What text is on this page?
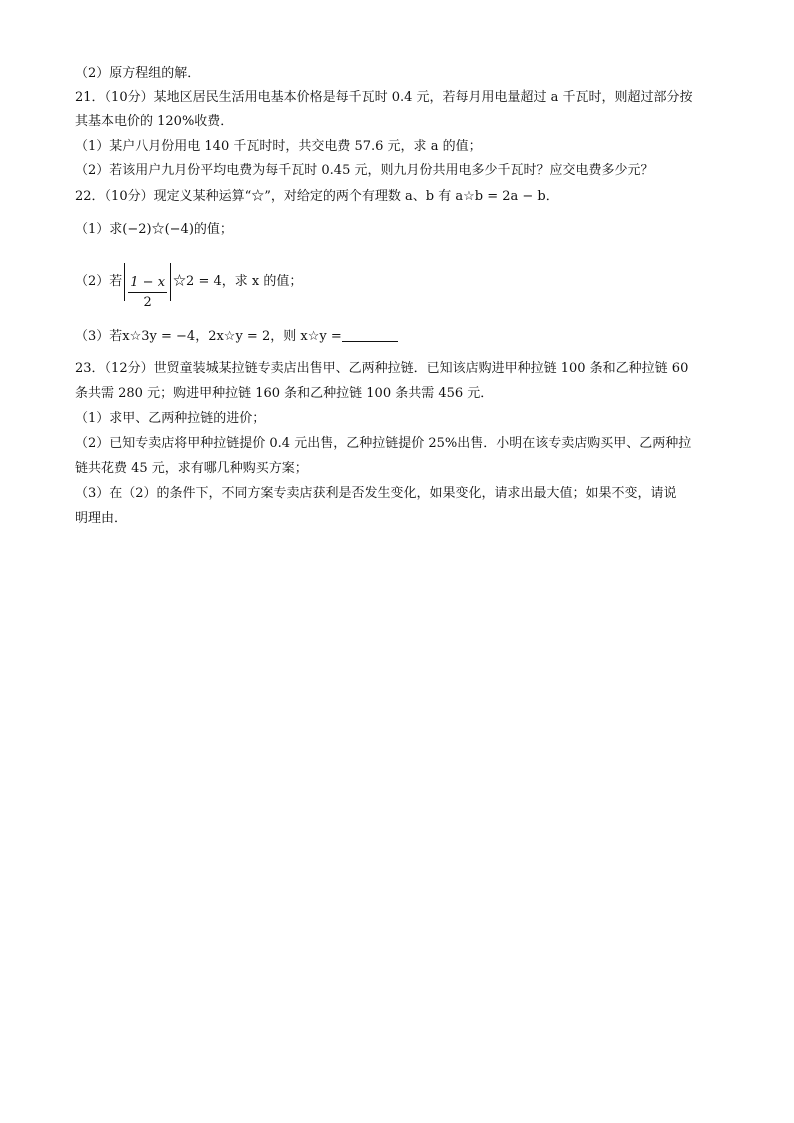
（2）原方程组的解．
21．（10分）某地区居民生活用电基本价格是每千瓦时 0.4 元，若每月用电量超过 a 千瓦时，则超过部分按
其基本电价的 120%收费．
（1）某户八月份用电 140 千瓦时时，共交电费 57.6 元，求 a 的值；
（2）若该用户九月份平均电费为每千瓦时 0.45 元，则九月份共用电多少千瓦时？应交电费多少元？
22．（10分）现定义某种运算“☆”，对给定的两个有理数 a、b 有 a☆b = 2a − b．
（1）求(−2)☆(−4)的值；
（2）若 $\frac{1 - x}{2}$ ☆2 = 4，求 x 的值；
（3）若x☆3y = −4，2x☆y = 2，则 x☆y =
23．（12分）世贸童装城某拉链专卖店出售甲、乙两种拉链．已知该店购进甲种拉链 100 条和乙种拉链 60
条共需 280 元；购进甲种拉链 160 条和乙种拉链 100 条共需 456 元．
（1）求甲、乙两种拉链的进价；
（2）已知专卖店将甲种拉链提价 0.4 元出售，乙种拉链提价 25%出售．小明在该专卖店购买甲、乙两种拉
链共花费 45 元，求有哪几种购买方案；
（3）在（2）的条件下，不同方案专卖店获利是否发生变化，如果变化，请求出最大值；如果不变，请说
明理由．
